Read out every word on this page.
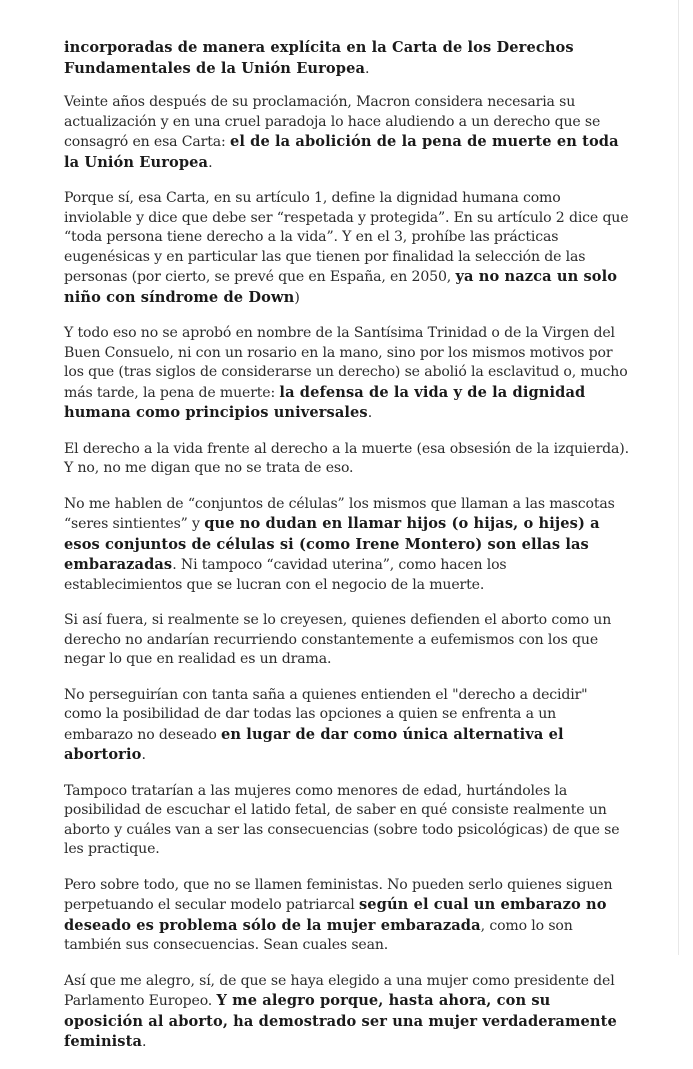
incorporadas de manera explícita en la Carta de los Derechos Fundamentales de la Unión Europea.

Veinte años después de su proclamación, Macron considera necesaria su actualización y en una cruel paradoja lo hace aludiendo a un derecho que se consagró en esa Carta: el de la abolición de la pena de muerte en toda la Unión Europea.

Porque sí, esa Carta, en su artículo 1, define la dignidad humana como inviolable y dice que debe ser “respetada y protegida”. En su artículo 2 dice que “toda persona tiene derecho a la vida”. Y en el 3, prohíbe las prácticas eugenésicas y en particular las que tienen por finalidad la selección de las personas (por cierto, se prevé que en España, en 2050, ya no nazca un solo niño con síndrome de Down)

Y todo eso no se aprobó en nombre de la Santísima Trinidad o de la Virgen del Buen Consuelo, ni con un rosario en la mano, sino por los mismos motivos por los que (tras siglos de considerarse un derecho) se abolió la esclavitud o, mucho más tarde, la pena de muerte: la defensa de la vida y de la dignidad humana como principios universales.

El derecho a la vida frente al derecho a la muerte (esa obsesión de la izquierda). Y no, no me digan que no se trata de eso.

No me hablen de “conjuntos de células” los mismos que llaman a las mascotas “seres sintientes” y que no dudan en llamar hijos (o hijas, o hijes) a esos conjuntos de células si (como Irene Montero) son ellas las embarazadas. Ni tampoco “cavidad uterina”, como hacen los establecimientos que se lucran con el negocio de la muerte.

Si así fuera, si realmente se lo creyesen, quienes defienden el aborto como un derecho no andarían recurriendo constantemente a eufemismos con los que negar lo que en realidad es un drama.

No perseguirían con tanta saña a quienes entienden el "derecho a decidir" como la posibilidad de dar todas las opciones a quien se enfrenta a un embarazo no deseado en lugar de dar como única alternativa el abortorio.

Tampoco tratarían a las mujeres como menores de edad, hurtándoles la posibilidad de escuchar el latido fetal, de saber en qué consiste realmente un aborto y cuáles van a ser las consecuencias (sobre todo psicológicas) de que se les practique.

Pero sobre todo, que no se llamen feministas. No pueden serlo quienes siguen perpetuando el secular modelo patriarcal según el cual un embarazo no deseado es problema sólo de la mujer embarazada, como lo son también sus consecuencias. Sean cuales sean.

Así que me alegro, sí, de que se haya elegido a una mujer como presidente del Parlamento Europeo. Y me alegro porque, hasta ahora, con su oposición al aborto, ha demostrado ser una mujer verdaderamente feminista.
